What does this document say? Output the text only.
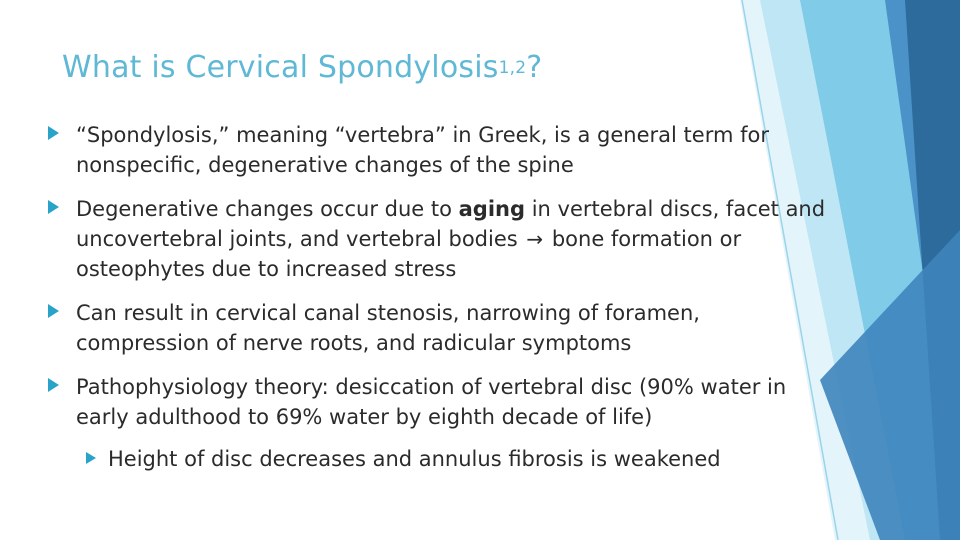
What is Cervical Spondylosis$^{1,2}$?
“Spondylosis,” meaning “vertebra” in Greek, is a general term for nonspecific, degenerative changes of the spine
Degenerative changes occur due to aging in vertebral discs, facet and uncovertebral joints, and vertebral bodies → bone formation or osteophytes due to increased stress
Can result in cervical canal stenosis, narrowing of foramen, compression of nerve roots, and radicular symptoms
Pathophysiology theory: desiccation of vertebral disc (90% water in early adulthood to 69% water by eighth decade of life)
Height of disc decreases and annulus fibrosis is weakened
